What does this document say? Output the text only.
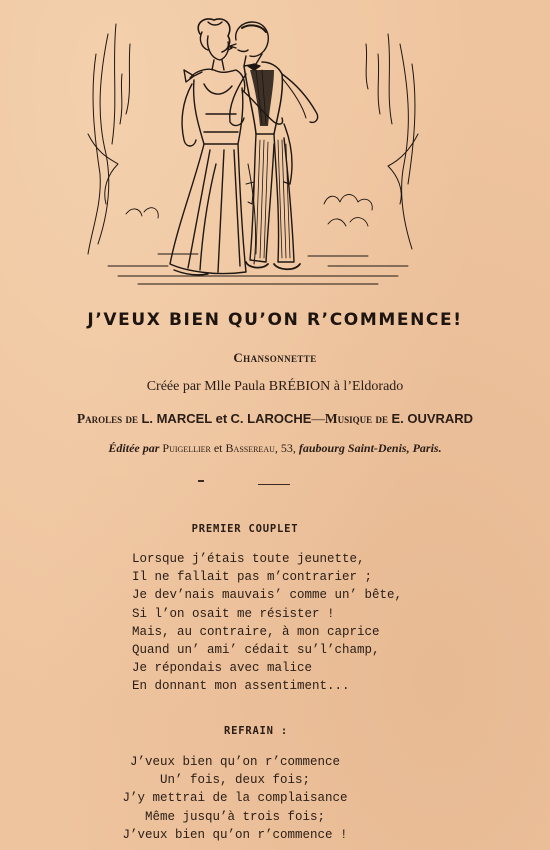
J’VEUX BIEN QU’ON R’COMMENCE!
Chansonnette
Créée par Mlle Paula BRÉBION à l’Eldorado
Paroles de L. MARCEL et C. LAROCHE—Musique de E. OUVRARD
Éditée par Puigellier et Bassereau, 53, faubourg Saint-Denis, Paris.
PREMIER COUPLET
Lorsque j’étais toute jeunette,
Il ne fallait pas m’contrarier ;
Je dev’nais mauvais’ comme un’ bête,
Si l’on osait me résister !
Mais, au contraire, à mon caprice
Quand un’ ami’ cédait su’l’champ,
Je répondais avec malice
En donnant mon assentiment...
REFRAIN :
J’veux bien qu’on r’commence
Un’ fois, deux fois;
J’y mettrai de la complaisance
Même jusqu’à trois fois;
J’veux bien qu’on r’commence !
